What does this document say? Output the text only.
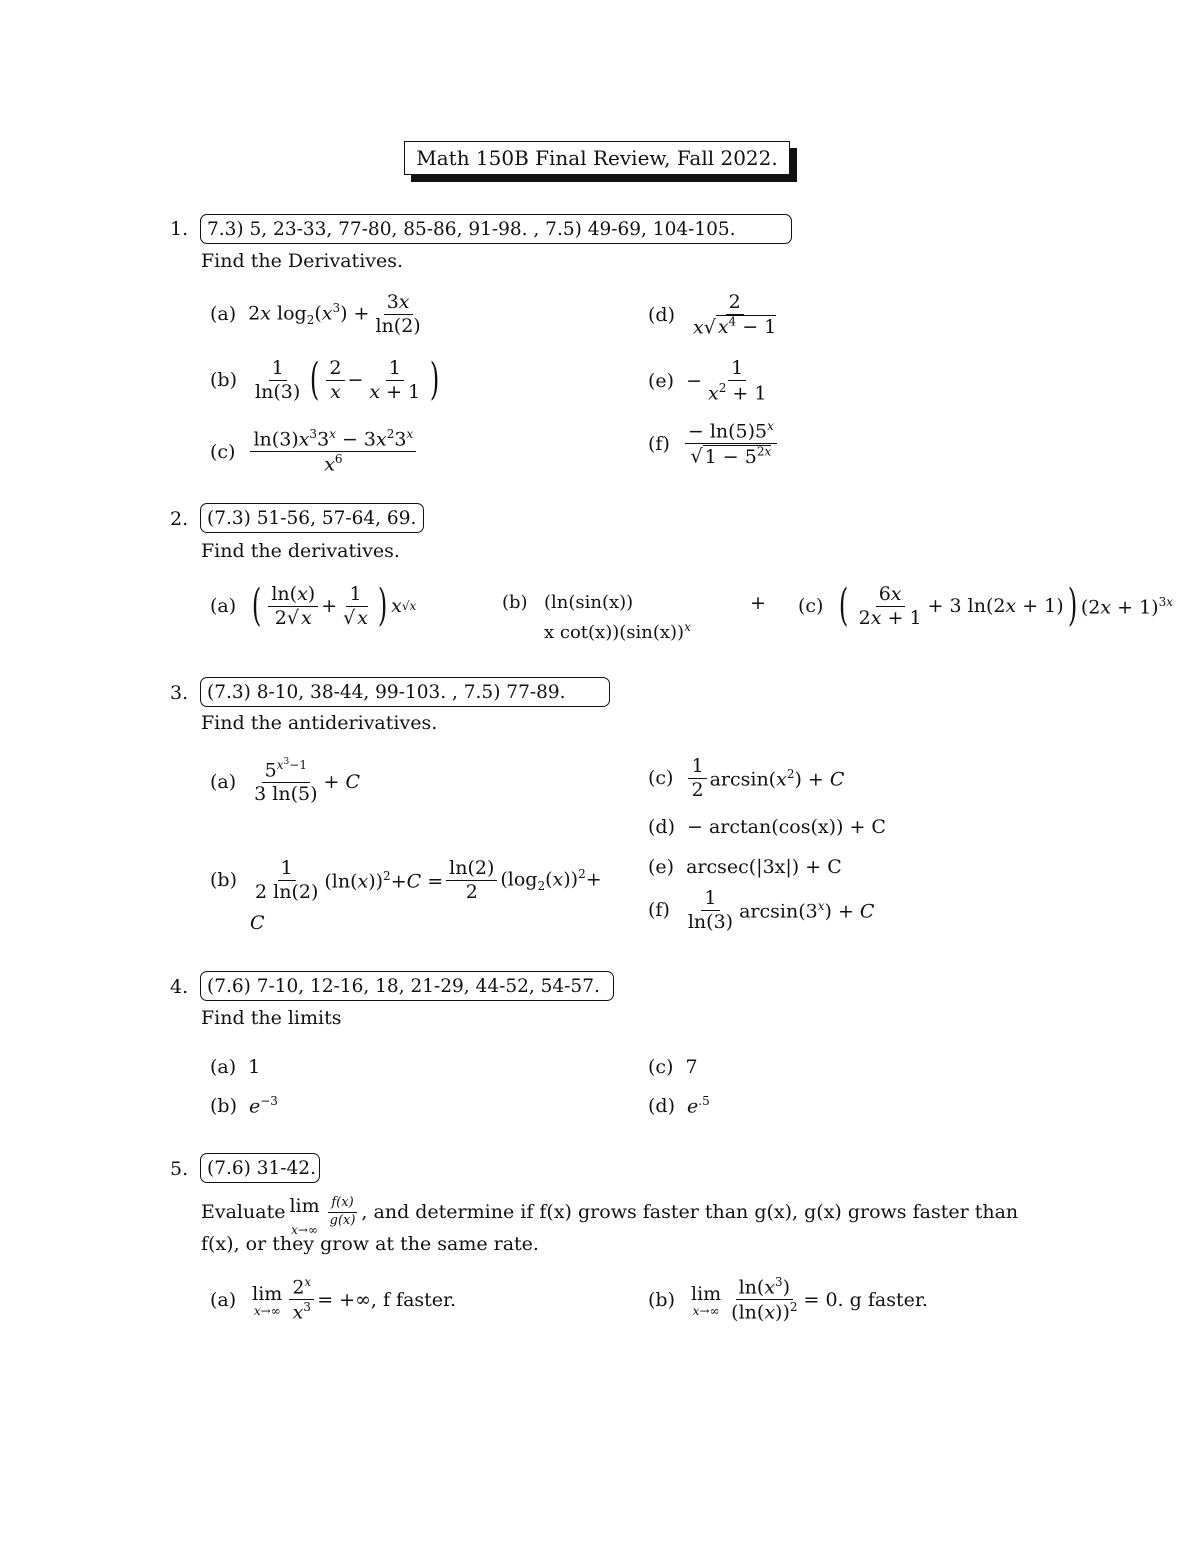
Math 150B Final Review, Fall 2022.
1.	7.3) 5, 23-33, 77-80, 85-86, 91-98. , 7.5) 49-69, 104-105.
Find the Derivatives.
(a) 2x $\log_2(x^3) + \frac{3x}{\ln(2)}$
$(b) \frac{1}{\ln(3)}$ ( $\frac{2}{x} - \frac{1}{x + 1}$ )
$(c) \frac{\ln(3)x^33^x - 3x^23^x}{x^6}$
$(d) \frac{2}{x√ x^4 - 1}$
$(e) - \frac{1}{x^2 + 1}$
$(f) \frac{- \ln(5)5^x}{√ 1 - 5^{2x}}$
2.	(7.3) 51-56, 57-64, 69.
Find the derivatives.
(a) ( $\frac{\ln(x)}{2√ x} + \frac{1}{√ x}$ ) x √x	(b) (ln(sin(x))
x $\cot(x))(\sin(x))^x$
+ (c) ( $\frac{6x}{2x + 1} + 3$ ln(2x + 1) ) $(2x + 1)^{3x}$
3.	(7.3) 8-10, 38-44, 99-103. , 7.5) 77-89.
Find the antiderivatives.
$(a) \frac{5^{x^3-1}}{3 \ln(5)} + C$
$(b) \frac{1}{2 \ln(2)} (\ln(x))^2+C = \frac{\ln(2)}{2} (\log_2(x))^2+$
C
$(c) \frac{1}{2} \arcsin(x^2) + C$
(d) − arctan(cos(x)) + C
(e) arcsec(|3x|) + C
$(f) \frac{1}{\ln(3)} \arcsin(3^x) + C$
4.	(7.6) 7-10, 12-16, 18, 21-29, 44-52, 54-57.
Find the limits
(a) 1
(b) $e^{-3}$
(c) 7
(d) $e^{.5}$
5.	(7.6) 31-42.
Evaluate lim
x→∞
$\frac{f(x)}{g(x)}$ , and determine if f(x) grows faster than g(x), g(x) grows faster than
f(x), or they grow at the same rate.
(a) lim
$x\to\infty \frac{2^x}{x^3}$ = +∞, f faster.	(b) lim
$x\to\infty \frac{\ln(x^3)}{(\ln(x))^2} = 0$. g faster.
